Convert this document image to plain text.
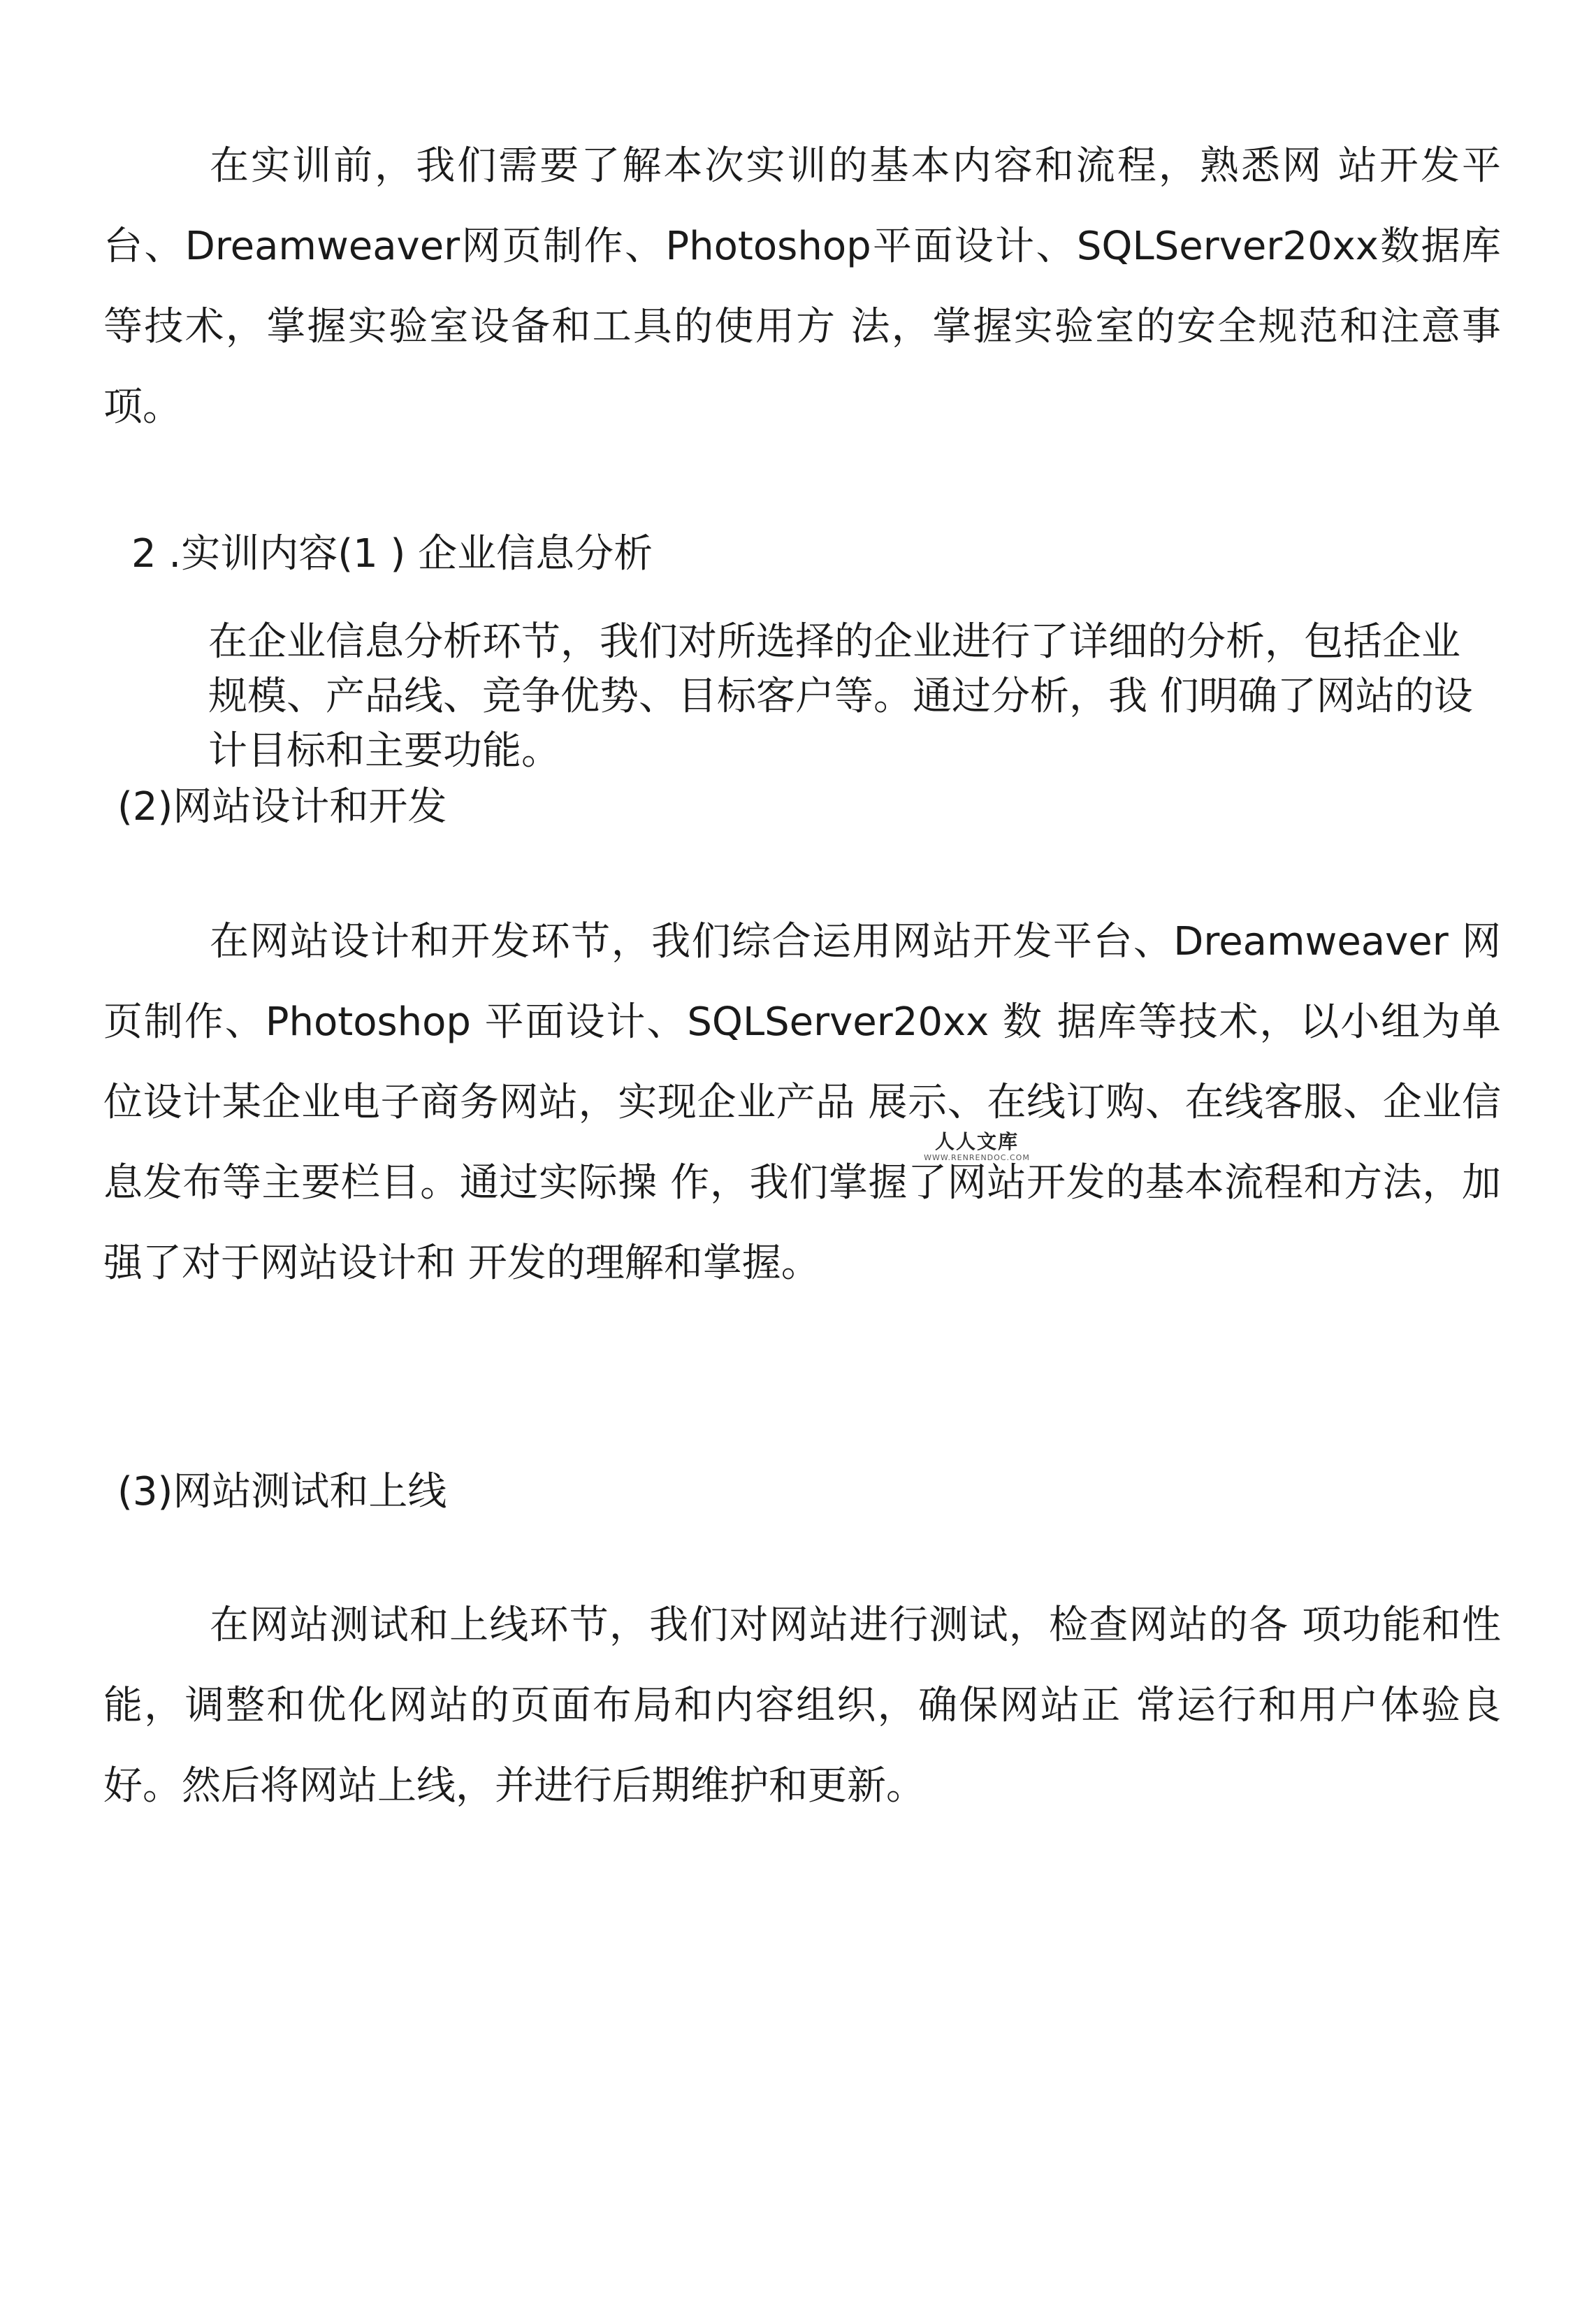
在实训前，我们需要了解本次实训的基本内容和流程，熟悉网 站开发平台、Dreamweaver网页制作、Photoshop平面设计、SQLServer20xx数据库等技术，掌握实验室设备和工具的使用方 法，掌握实验室的安全规范和注意事项。

2 .实训内容(1 ) 企业信息分析

在企业信息分析环节，我们对所选择的企业进行了详细的分析，包括企业规模、产品线、竞争优势、目标客户等。通过分析，我 们明确了网站的设计目标和主要功能。

(2)网站设计和开发

在网站设计和开发环节，我们综合运用网站开发平台、Dreamweaver 网页制作、Photoshop 平面设计、SQLServer20xx 数 据库等技术，以小组为单位设计某企业电子商务网站，实现企业产品 展示、在线订购、在线客服、企业信息发布等主要栏目。通过实际操 作，我们掌握了网站开发的基本流程和方法，加强了对于网站设计和 开发的理解和掌握。

(3)网站测试和上线

在网站测试和上线环节，我们对网站进行测试，检查网站的各 项功能和性能，调整和优化网站的页面布局和内容组织，确保网站正 常运行和用户体验良好。然后将网站上线，并进行后期维护和更新。

人人文库
WWW.RENRENDOC.COM
